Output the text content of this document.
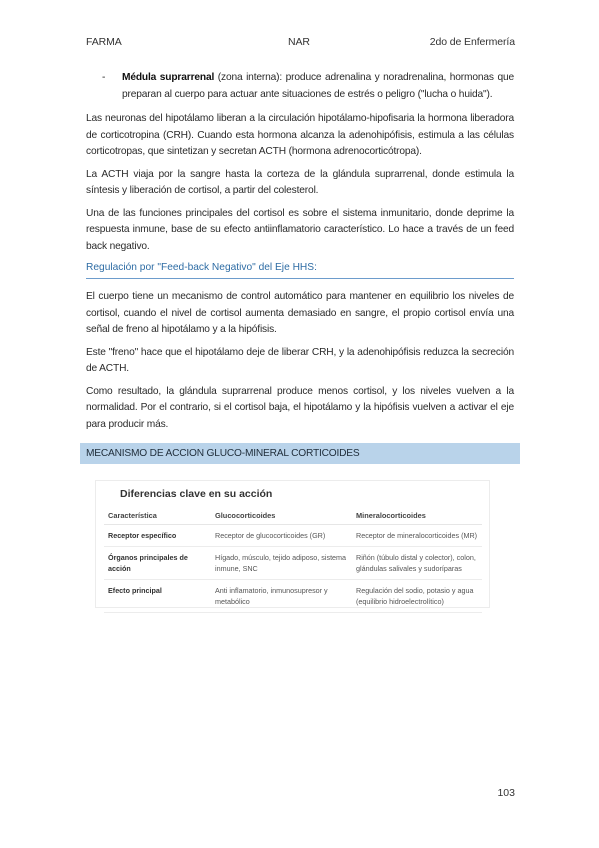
FARMA	NAR	2do de Enfermería
-	Médula suprarrenal (zona interna): produce adrenalina y noradrenalina, hormonas que preparan al cuerpo para actuar ante situaciones de estrés o peligro ("lucha o huida").

Las neuronas del hipotálamo liberan a la circulación hipotálamo-hipofisaria la hormona liberadora de corticotropina (CRH). Cuando esta hormona alcanza la adenohipófisis, estimula a las células corticotropas, que sintetizan y secretan ACTH (hormona adrenocorticótropa).

La ACTH viaja por la sangre hasta la corteza de la glándula suprarrenal, donde estimula la síntesis y liberación de cortisol, a partir del colesterol.

Una de las funciones principales del cortisol es sobre el sistema inmunitario, donde deprime la respuesta inmune, base de su efecto antiinflamatorio característico. Lo hace a través de un feed back negativo.

Regulación por "Feed-back Negativo" del Eje HHS:

El cuerpo tiene un mecanismo de control automático para mantener en equilibrio los niveles de cortisol, cuando el nivel de cortisol aumenta demasiado en sangre, el propio cortisol envía una señal de freno al hipotálamo y a la hipófisis.

Este "freno" hace que el hipotálamo deje de liberar CRH, y la adenohipófisis reduzca la secreción de ACTH.

Como resultado, la glándula suprarrenal produce menos cortisol, y los niveles vuelven a la normalidad. Por el contrario, si el cortisol baja, el hipotálamo y la hipófisis vuelven a activar el eje para producir más.

MECANISMO DE ACCION GLUCO-MINERAL CORTICOIDES
Diferencias clave en su acción
Característica	Glucocorticoides	Mineralocorticoides
Receptor específico	Receptor de glucocorticoides (GR)	Receptor de mineralocorticoides (MR)
Órganos principales de acción	Hígado, músculo, tejido adiposo, sistema inmune, SNC	Riñón (túbulo distal y colector), colon, glándulas salivales y sudoríparas
Efecto principal	Anti inflamatorio, inmunosupresor y metabólico	Regulación del sodio, potasio y agua (equilibrio hidroelectrolítico)
103
